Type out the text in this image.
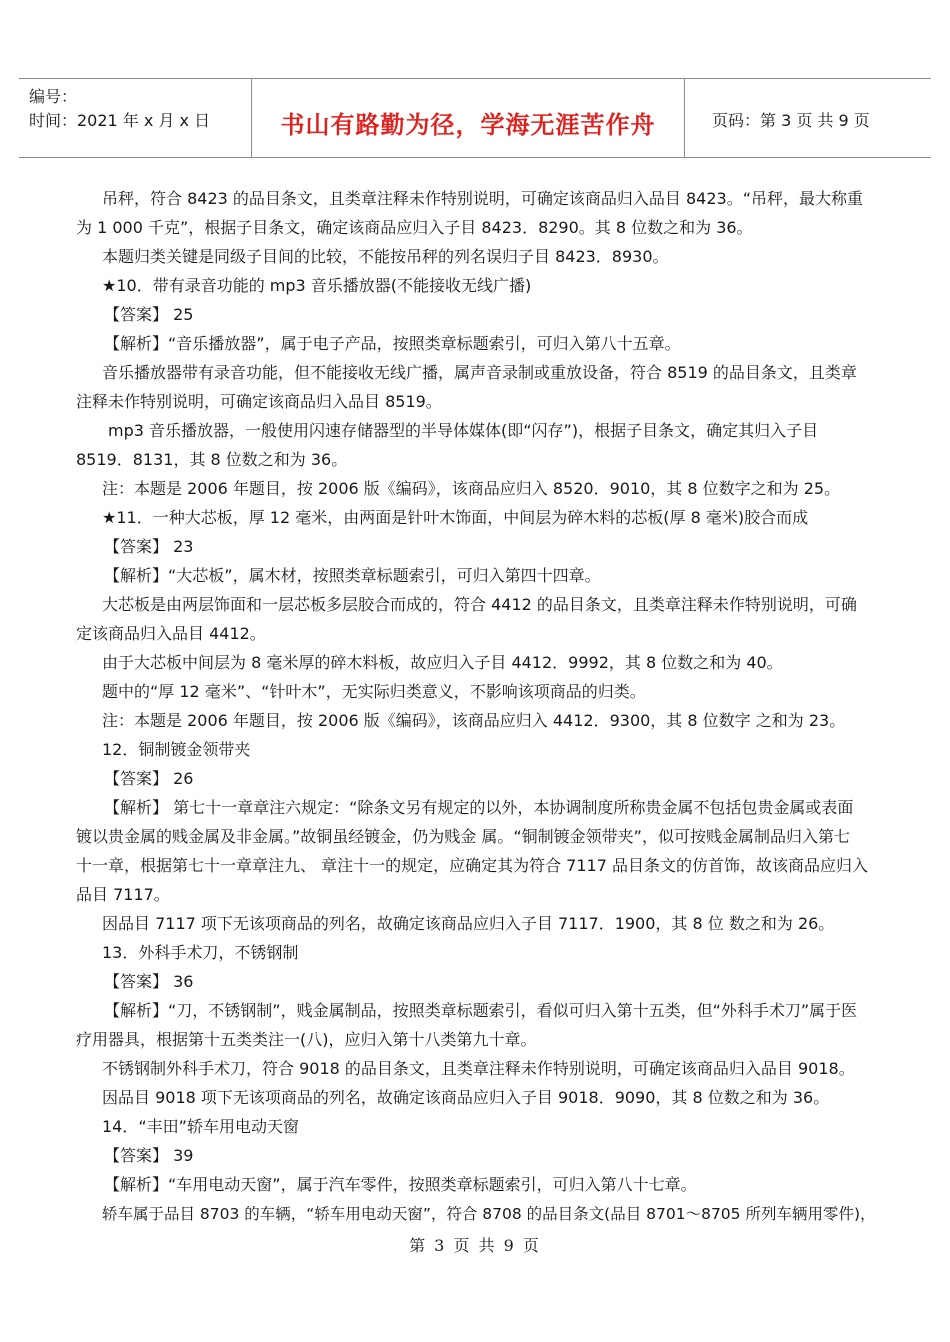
编号：
时间：2021 年 x 月 x 日	书山有路勤为径，学海无涯苦作舟	页码：第 3 页 共 9 页
吊秤，符合 8423 的品目条文，且类章注释未作特别说明，可确定该商品归入品目 8423。“吊秤，最大称重
为 1 000 千克”，根据子目条文，确定该商品应归入子目 8423．8290。其 8 位数之和为 36。
本题归类关键是同级子目间的比较，不能按吊秤的列名误归子目 8423．8930。
★10．带有录音功能的 mp3 音乐播放器(不能接收无线广播)
【答案】 25
【解析】“音乐播放器”，属于电子产品，按照类章标题索引，可归入第八十五章。
音乐播放器带有录音功能，但不能接收无线广播，属声音录制或重放设备，符合 8519 的品目条文，且类章
注释未作特别说明，可确定该商品归入品目 8519。
mp3 音乐播放器，一般使用闪速存储器型的半导体媒体(即“闪存”)，根据子目条文，确定其归入子目
8519．8131，其 8 位数之和为 36。
注：本题是 2006 年题目，按 2006 版《编码》，该商品应归入 8520．9010，其 8 位数字之和为 25。
★11．一种大芯板，厚 12 毫米，由两面是针叶木饰面，中间层为碎木料的芯板(厚 8 毫米)胶合而成
【答案】 23
【解析】“大芯板”，属木材，按照类章标题索引，可归入第四十四章。
大芯板是由两层饰面和一层芯板多层胶合而成的，符合 4412 的品目条文，且类章注释未作特别说明，可确
定该商品归入品目 4412。
由于大芯板中间层为 8 毫米厚的碎木料板，故应归入子目 4412．9992，其 8 位数之和为 40。
题中的“厚 12 毫米”、“针叶木”，无实际归类意义，不影响该项商品的归类。
注：本题是 2006 年题目，按 2006 版《编码》，该商品应归入 4412．9300，其 8 位数字 之和为 23。
12．铜制镀金领带夹
【答案】 26
【解析】 第七十一章章注六规定：“除条文另有规定的以外，本协调制度所称贵金属不包括包贵金属或表面
镀以贵金属的贱金属及非金属。”故铜虽经镀金，仍为贱金 属。“铜制镀金领带夹”，似可按贱金属制品归入第七
十一章，根据第七十一章章注九、 章注十一的规定，应确定其为符合 7117 品目条文的仿首饰，故该商品应归入
品目 7117。
因品目 7117 项下无该项商品的列名，故确定该商品应归入子目 7117．1900，其 8 位 数之和为 26。
13．外科手术刀，不锈钢制
【答案】 36
【解析】“刀，不锈钢制”，贱金属制品，按照类章标题索引，看似可归入第十五类，但“外科手术刀”属于医
疗用器具，根据第十五类类注一(八)，应归入第十八类第九十章。
不锈钢制外科手术刀，符合 9018 的品目条文，且类章注释未作特别说明，可确定该商品归入品目 9018。
因品目 9018 项下无该项商品的列名，故确定该商品应归入子目 9018．9090，其 8 位数之和为 36。
14．“丰田”轿车用电动天窗
【答案】 39
【解析】“车用电动天窗”，属于汽车零件，按照类章标题索引，可归入第八十七章。
轿车属于品目 8703 的车辆，“轿车用电动天窗”，符合 8708 的品目条文(品目 8701～8705 所列车辆用零件)，
第 3 页 共 9 页
